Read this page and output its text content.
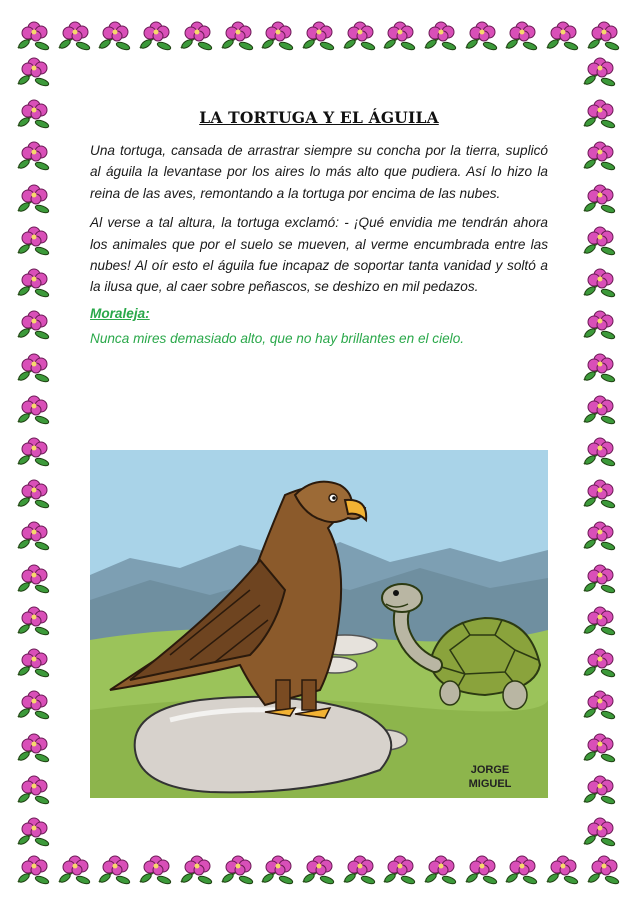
LA TORTUGA Y EL ÁGUILA

Una tortuga, cansada de arrastrar siempre su concha por la tierra, suplicó al águila la levantase por los aires lo más alto que pudiera. Así lo hizo la reina de las aves, remontando a la tortuga por encima de las nubes.

Al verse a tal altura, la tortuga exclamó: - ¡Qué envidia me tendrán ahora los animales que por el suelo se mueven, al verme encumbrada entre las nubes! Al oír esto el águila fue incapaz de soportar tanta vanidad y soltó a la ilusa que, al caer sobre peñascos, se deshizo en mil pedazos.

Moraleja:

Nunca mires demasiado alto, que no hay brillantes en el cielo.

JORGE
MIGUEL
